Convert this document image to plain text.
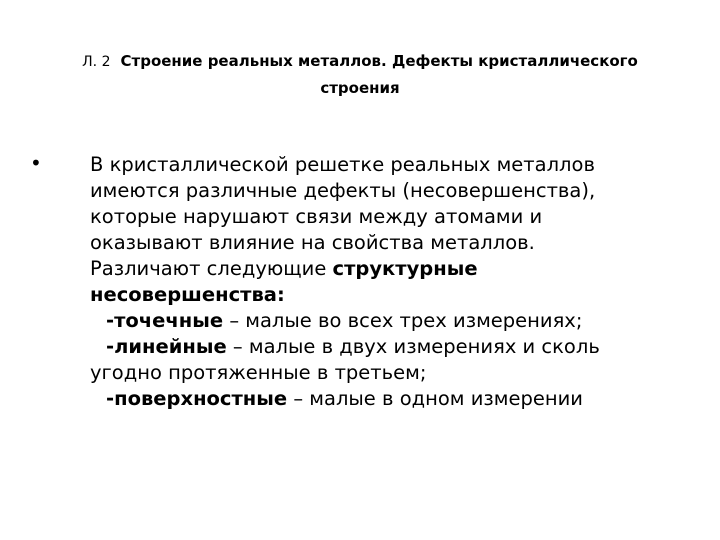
Л. 2 Строение реальных металлов. Дефекты кристаллического
строения
• В кристаллической решетке реальных металлов
имеются различные дефекты (несовершенства),
которые нарушают связи между атомами и
оказывают влияние на свойства металлов.
Различают следующие структурные
несовершенства:
-точечные – малые во всех трех измерениях;
-линейные – малые в двух измерениях и сколь
угодно протяженные в третьем;
-поверхностные – малые в одном измерении
